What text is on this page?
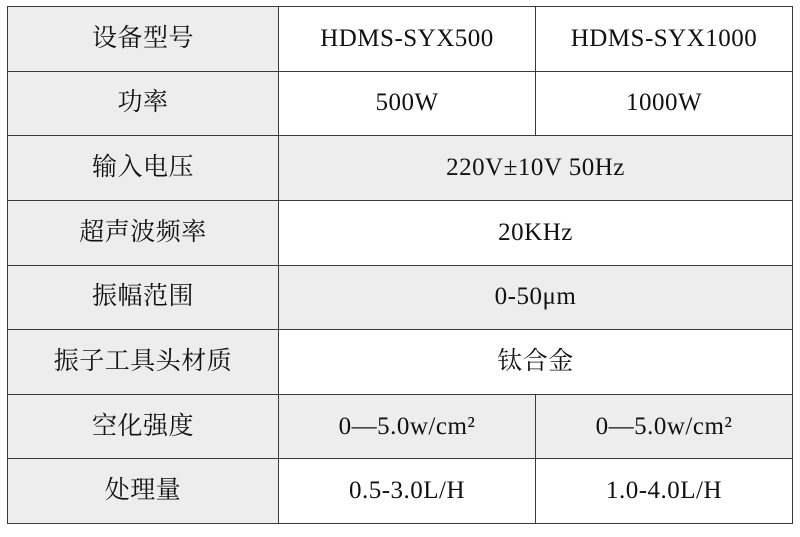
设备型号	HDMS-SYX500	HDMS-SYX1000
功率	500W	1000W
输入电压	220V±10V 50Hz	
超声波频率	20KHz	
振幅范围	0-50μm	
振子工具头材质	钛合金	
空化强度	0—5.0w/cm²	0—5.0w/cm²
处理量	0.5-3.0L/H	1.0-4.0L/H
